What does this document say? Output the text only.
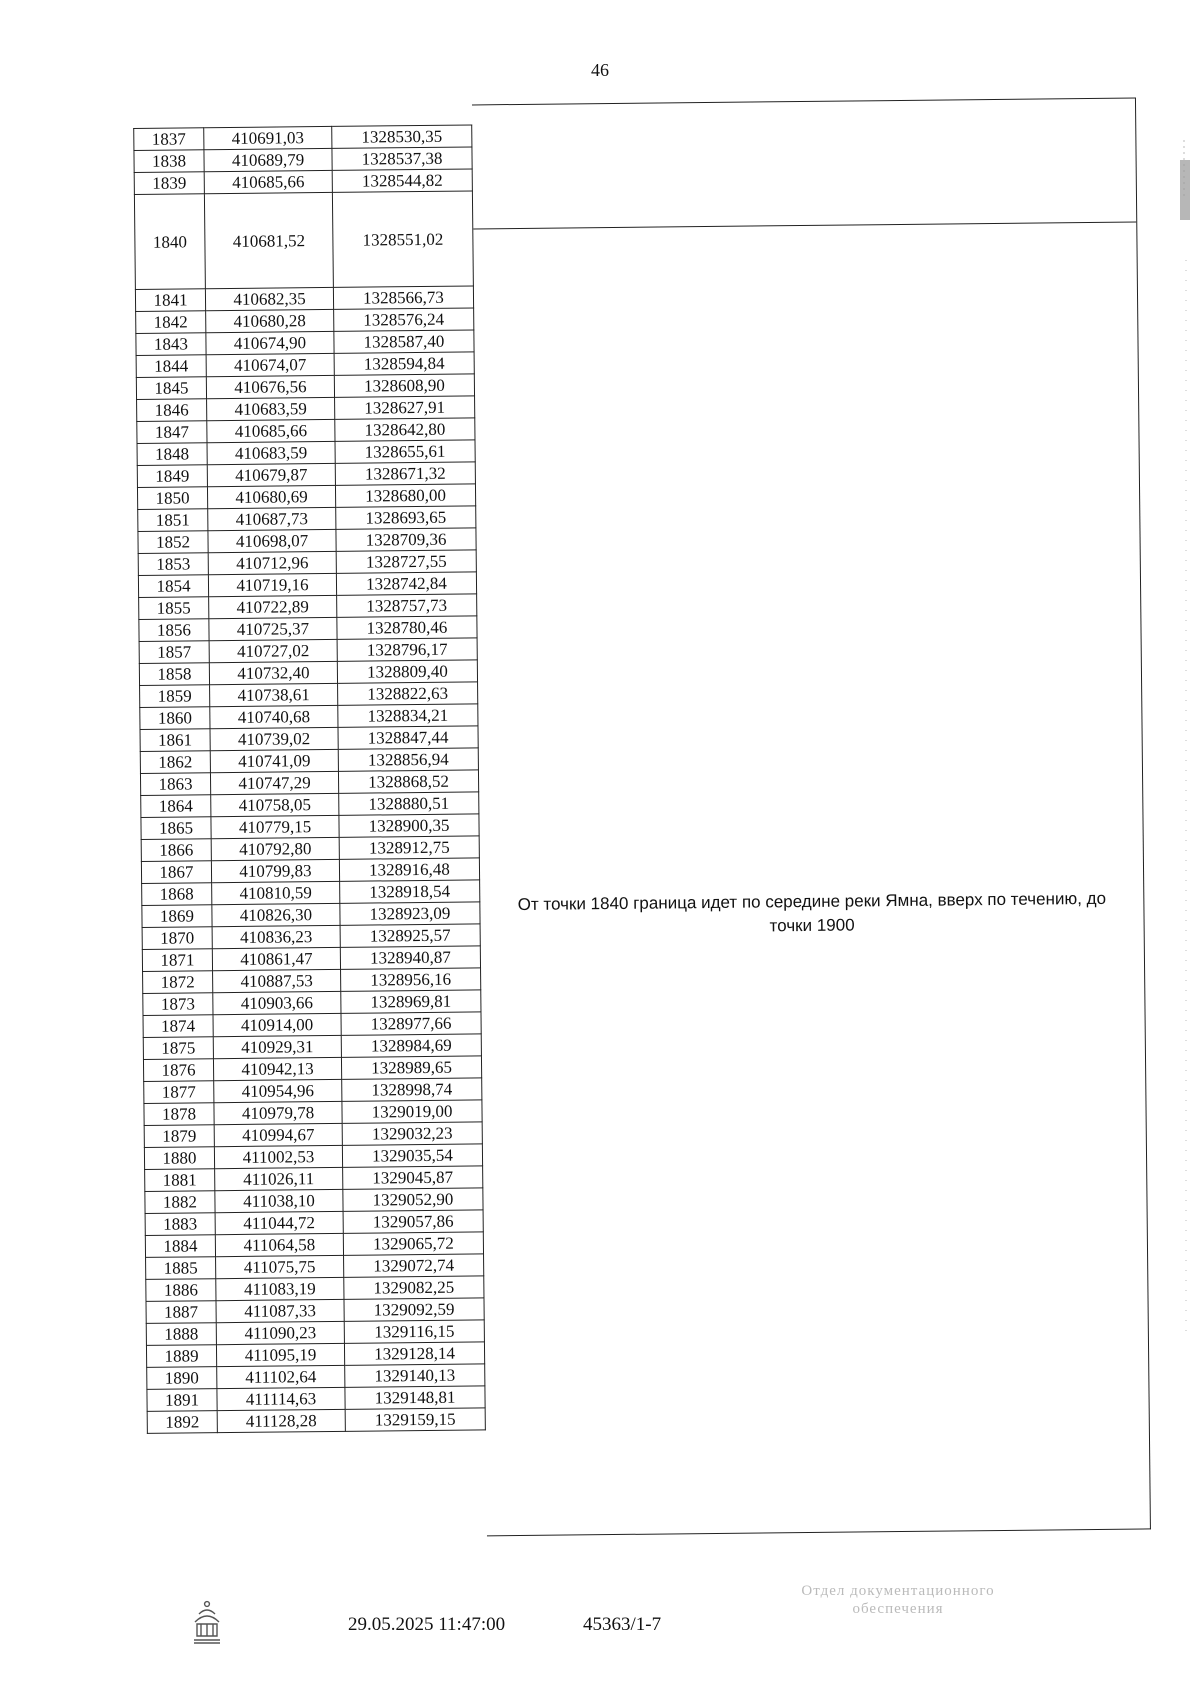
46
1837	410691,03	1328530,35
1838	410689,79	1328537,38
1839	410685,66	1328544,82
1840	410681,52	1328551,02
1841	410682,35	1328566,73
1842	410680,28	1328576,24
1843	410674,90	1328587,40
1844	410674,07	1328594,84
1845	410676,56	1328608,90
1846	410683,59	1328627,91
1847	410685,66	1328642,80
1848	410683,59	1328655,61
1849	410679,87	1328671,32
1850	410680,69	1328680,00
1851	410687,73	1328693,65
1852	410698,07	1328709,36
1853	410712,96	1328727,55
1854	410719,16	1328742,84
1855	410722,89	1328757,73
1856	410725,37	1328780,46
1857	410727,02	1328796,17
1858	410732,40	1328809,40
1859	410738,61	1328822,63
1860	410740,68	1328834,21
1861	410739,02	1328847,44
1862	410741,09	1328856,94
1863	410747,29	1328868,52
1864	410758,05	1328880,51
1865	410779,15	1328900,35
1866	410792,80	1328912,75
1867	410799,83	1328916,48
1868	410810,59	1328918,54
1869	410826,30	1328923,09
1870	410836,23	1328925,57
1871	410861,47	1328940,87
1872	410887,53	1328956,16
1873	410903,66	1328969,81
1874	410914,00	1328977,66
1875	410929,31	1328984,69
1876	410942,13	1328989,65
1877	410954,96	1328998,74
1878	410979,78	1329019,00
1879	410994,67	1329032,23
1880	411002,53	1329035,54
1881	411026,11	1329045,87
1882	411038,10	1329052,90
1883	411044,72	1329057,86
1884	411064,58	1329065,72
1885	411075,75	1329072,74
1886	411083,19	1329082,25
1887	411087,33	1329092,59
1888	411090,23	1329116,15
1889	411095,19	1329128,14
1890	411102,64	1329140,13
1891	411114,63	1329148,81
1892	411128,28	1329159,15
От точки 1840 граница идет по середине реки Ямна, вверх по течению, до точки 1900
29.05.2025 11:47:00	45363/1-7
Отдел документационного
обеспечения
